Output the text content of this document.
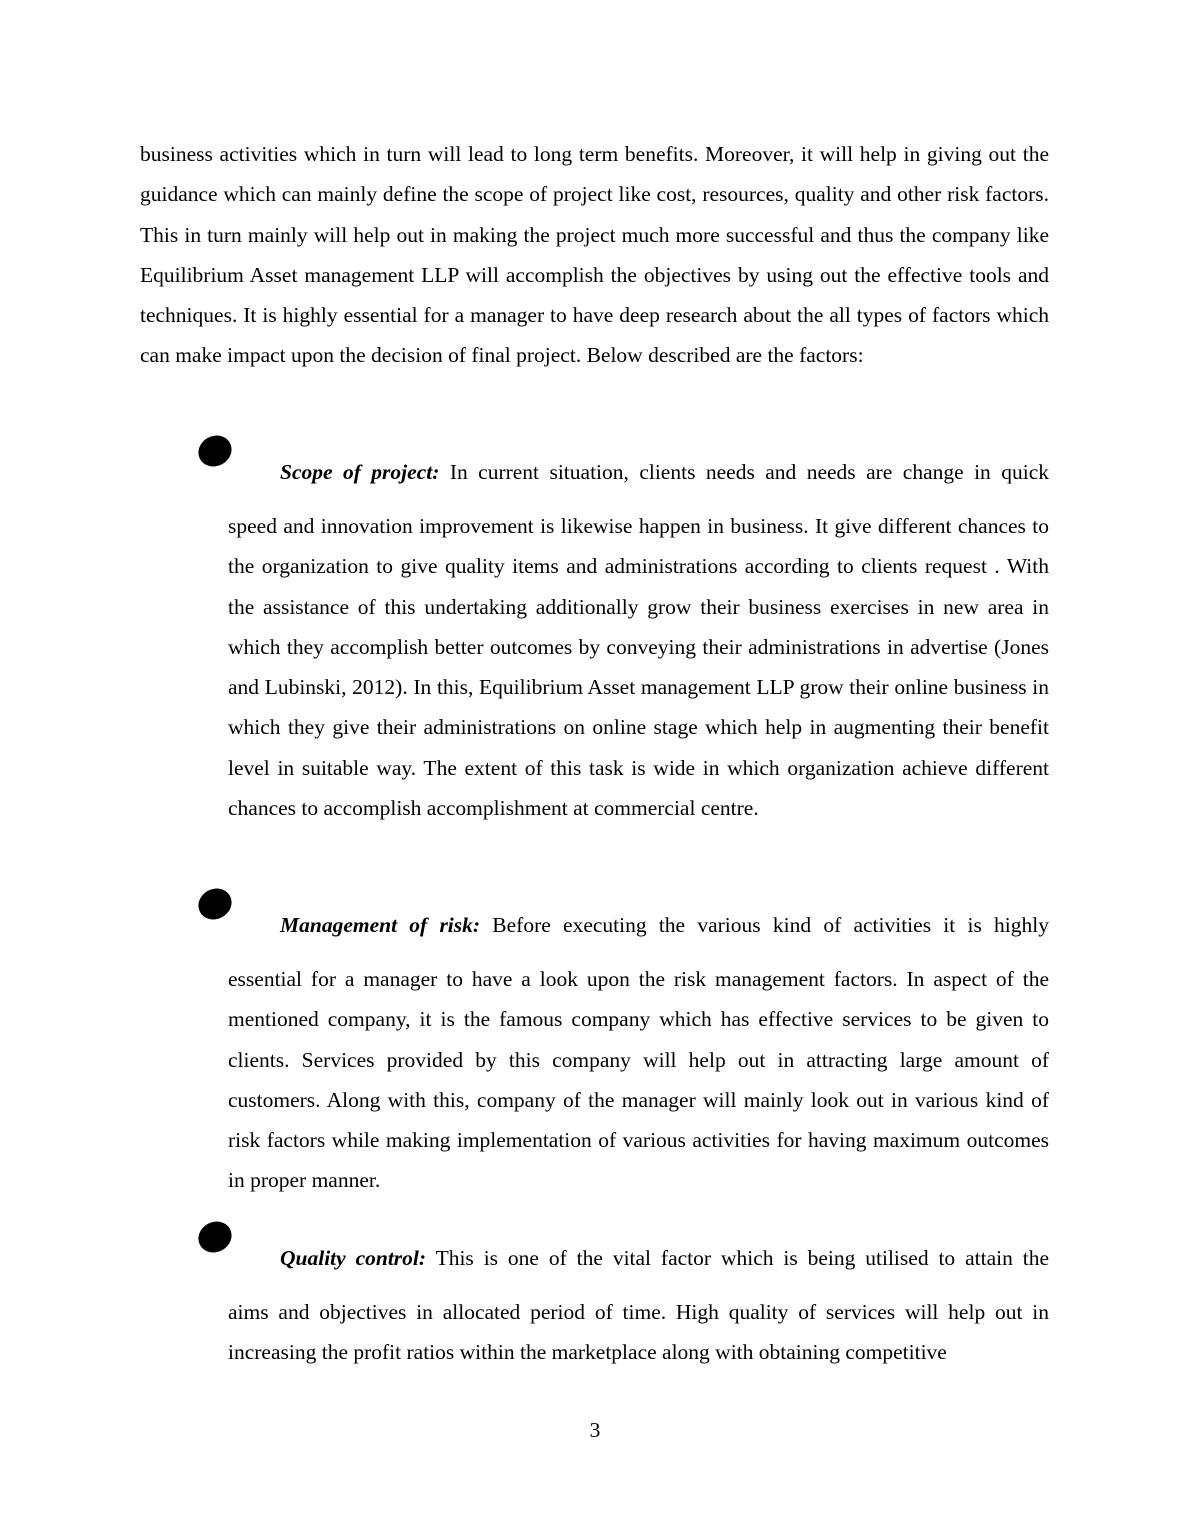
business activities which in turn will lead to long term benefits. Moreover, it will help in giving out the guidance which can mainly define the scope of project like cost, resources, quality and other risk factors. This in turn mainly will help out in making the project much more successful and thus the company like Equilibrium Asset management LLP will accomplish the objectives by using out the effective tools and techniques. It is highly essential for a manager to have deep research about the all types of factors which can make impact upon the decision of final project. Below described are the factors:

Scope of project: In current situation, clients needs and needs are change in quick

speed and innovation improvement is likewise happen in business. It give different chances to the organization to give quality items and administrations according to clients request . With the assistance of this undertaking additionally grow their business exercises in new area in which they accomplish better outcomes by conveying their administrations in advertise (Jones and Lubinski, 2012). In this, Equilibrium Asset management LLP grow their online business in which they give their administrations on online stage which help in augmenting their benefit level in suitable way. The extent of this task is wide in which organization achieve different chances to accomplish accomplishment at commercial centre.

Management of risk: Before executing the various kind of activities it is highly

essential for a manager to have a look upon the risk management factors. In aspect of the mentioned company, it is the famous company which has effective services to be given to clients. Services provided by this company will help out in attracting large amount of customers. Along with this, company of the manager will mainly look out in various kind of risk factors while making implementation of various activities for having maximum outcomes in proper manner.

Quality control: This is one of the vital factor which is being utilised to attain the

aims and objectives in allocated period of time. High quality of services will help out in increasing the profit ratios within the marketplace along with obtaining competitive

3
